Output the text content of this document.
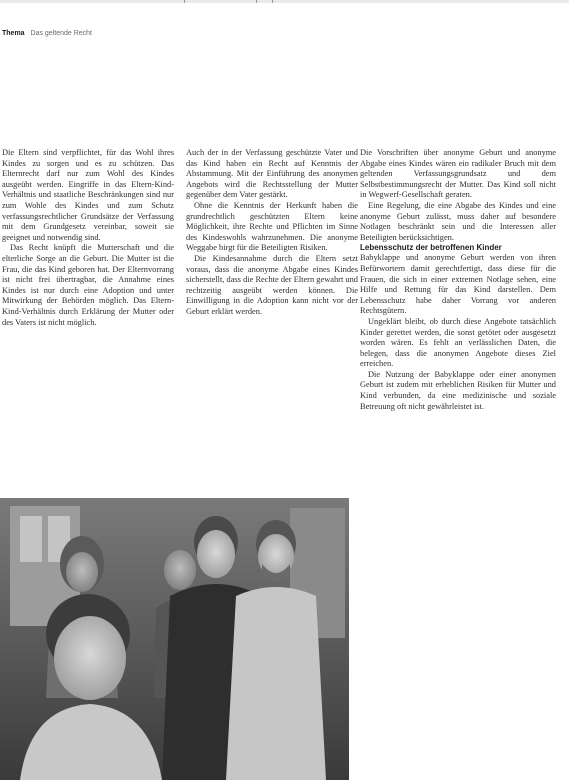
Thema Das geltende Recht

Die Eltern sind verpflichtet, für das Wohl ihres Kindes zu sorgen und es zu schützen. Das Elternrecht darf nur zum Wohl des Kindes ausgeübt werden. Eingriffe in das Eltern-Kind-Verhältnis und staatliche Beschränkungen sind nur zum Wohle des Kindes und zum Schutz verfassungsrechtlicher Grundsätze der Verfassung mit dem Grundgesetz vereinbar, soweit sie geeignet und notwendig sind.

Das Recht knüpft die Mutterschaft und die elterliche Sorge an die Geburt. Die Mutter ist die Frau, die das Kind geboren hat. Der Elternvorrang ist nicht frei übertragbar, die Annahme eines Kindes ist nur durch eine Adoption und unter Mitwirkung der Behörden möglich. Das Eltern-Kind-Verhältnis durch Erklärung der Mutter oder des Vaters ist nicht möglich.

Auch der in der Verfassung geschützte Vater und das Kind haben ein Recht auf Kenntnis der Abstammung. Mit der Einführung des anonymen Angebots wird die Rechtsstellung der Mutter gegenüber dem Vater gestärkt.

Ohne die Kenntnis der Herkunft haben die grundrechtlich geschützten Eltern keine Möglichkeit, ihre Rechte und Pflichten im Sinne des Kindeswohls wahrzunehmen. Die anonyme Weggabe birgt für die Beteiligten Risiken.

Die Kindesannahme durch die Eltern setzt voraus, dass die anonyme Abgabe eines Kindes sicherstellt, dass die Rechte der Eltern gewahrt und rechtzeitig ausgeübt werden können. Die Einwilligung in die Adoption kann nicht vor der Geburt erklärt werden.

Die Vorschriften über anonyme Geburt und anonyme Abgabe eines Kindes wären ein radikaler Bruch mit dem geltenden Verfassungsgrundsatz und dem Selbstbestimmungsrecht der Mutter. Das Kind soll nicht in Wegwerf-Gesellschaft geraten.

Eine Regelung, die eine Abgabe des Kindes und eine anonyme Geburt zulässt, muss daher auf besondere Notlagen beschränkt sein und die Interessen aller Beteiligten berücksichtigen.

Lebensschutz der betroffenen Kinder

Babyklappe und anonyme Geburt werden von ihren Befürwortern damit gerechtfertigt, dass diese für die Frauen, die sich in einer extremen Notlage sehen, eine Hilfe und Rettung für das Kind darstellen. Dem Lebensschutz habe daher Vorrang vor anderen Rechtsgütern.

Ungeklärt bleibt, ob durch diese Angebote tatsächlich Kinder gerettet werden, die sonst getötet oder ausgesetzt worden wären. Es fehlt an verlässlichen Daten, die belegen, dass die anonymen Angebote dieses Ziel erreichen.

Die Nutzung der Babyklappe oder einer anonymen Geburt ist zudem mit erheblichen Risiken für Mutter und Kind verbunden, da eine medizinische und soziale Betreuung oft nicht gewährleistet ist.
